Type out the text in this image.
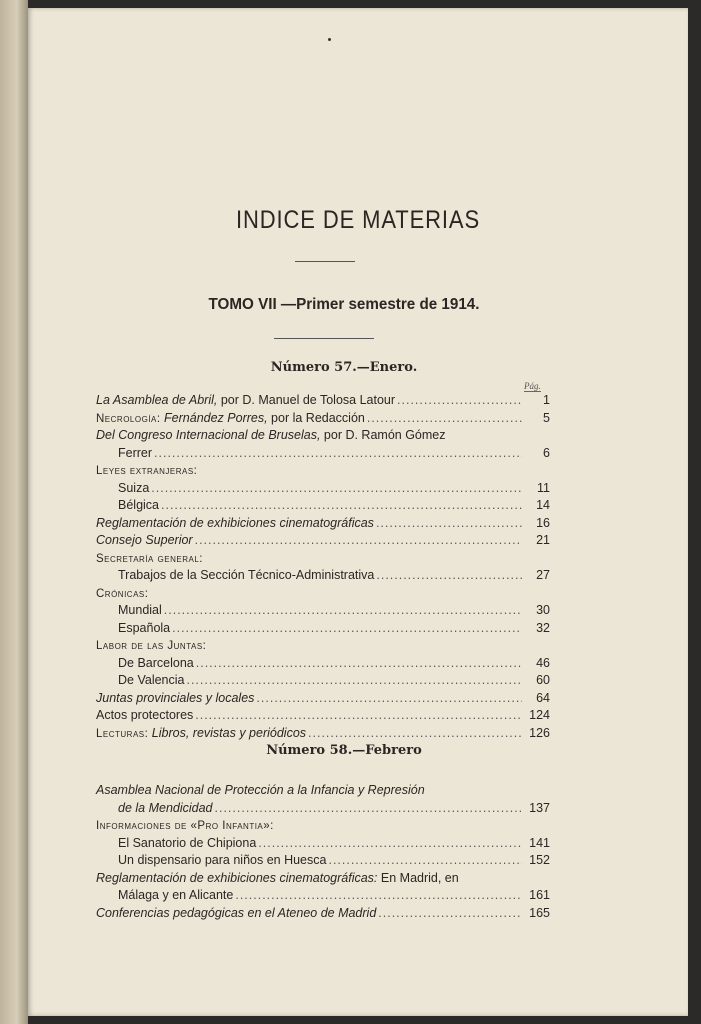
INDICE DE MATERIAS
TOMO VII —Primer semestre de 1914.
Número 57.—Enero.
Pág.
La Asamblea de Abril, por D. Manuel de Tolosa Latour .....	1
Necrología: Fernández Porres, por la Redacción .....	5
Del Congreso Internacional de Bruselas, por D. Ramón Gómez
Ferrer .....	6
Leyes extranjeras:
Suiza .....	11
Bélgica .....	14
Reglamentación de exhibiciones cinematográficas .....	16
Consejo Superior .....	21
Secretaría general:
Trabajos de la Sección Técnico-Administrativa .....	27
Crónicas:
Mundial .....	30
Española .....	32
Labor de las Juntas:
De Barcelona .....	46
De Valencia .....	60
Juntas provinciales y locales .....	64
Actos protectores .....	124
Lecturas: Libros, revistas y periódicos .....	126
Número 58.—Febrero
Asamblea Nacional de Protección a la Infancia y Represión
de la Mendicidad .....	137
Informaciones de «Pro Infantia»:
El Sanatorio de Chipiona .....	141
Un dispensario para niños en Huesca .....	152
Reglamentación de exhibiciones cinematográficas: En Madrid, en
Málaga y en Alicante .....	161
Conferencias pedagógicas en el Ateneo de Madrid .....	165
